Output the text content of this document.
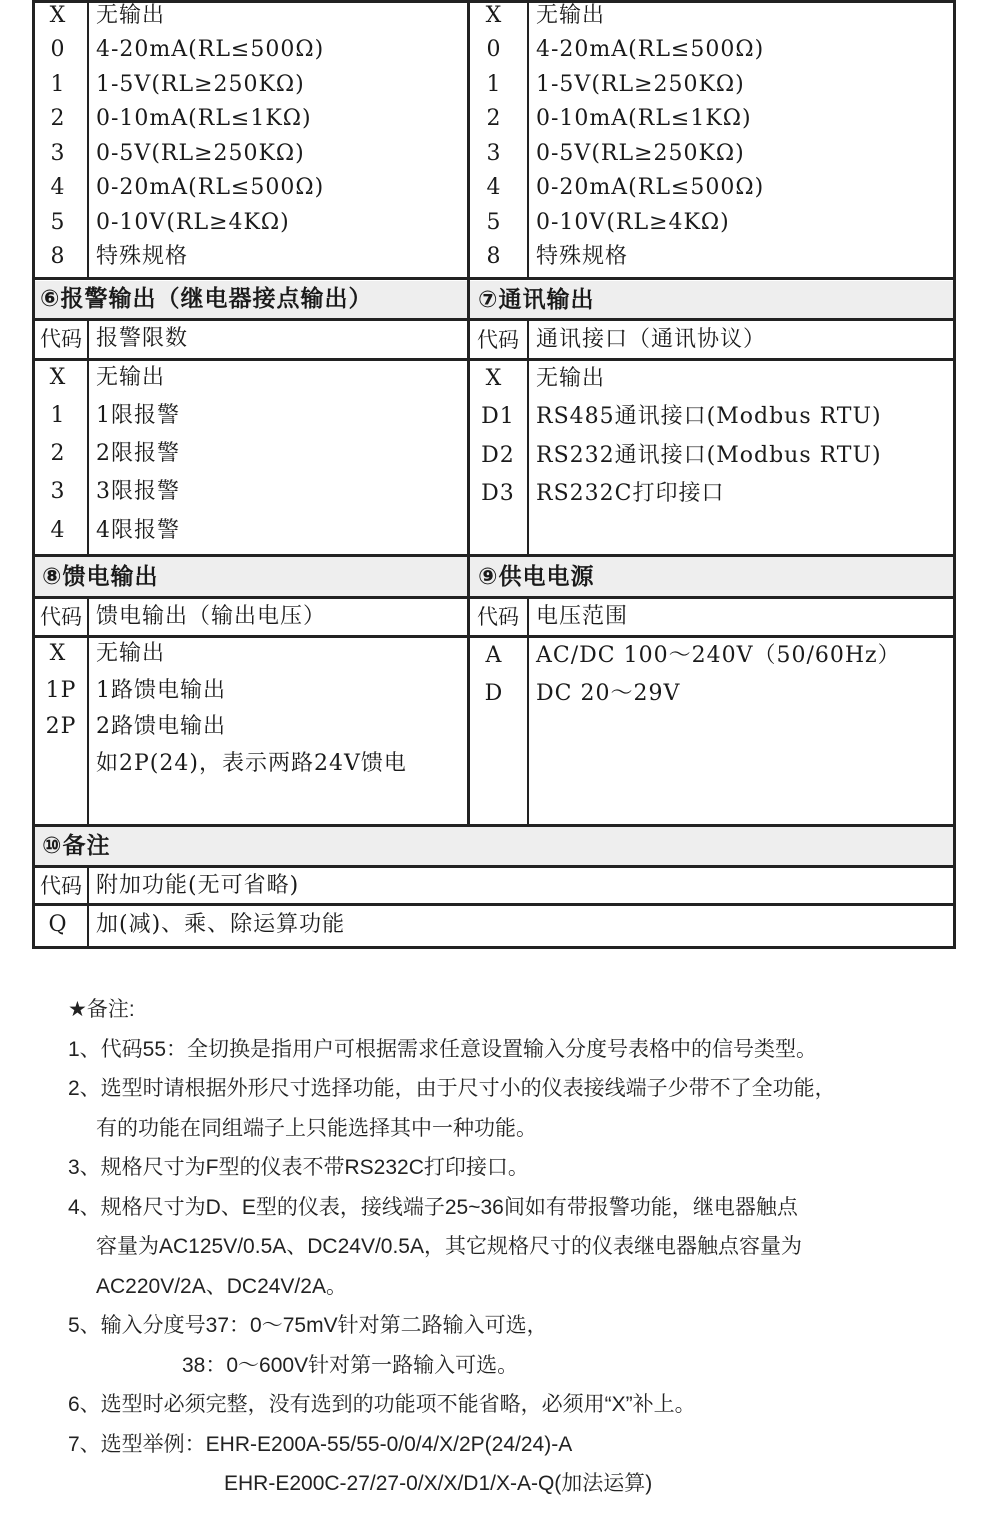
X	无输出
0	4-20mA(RL≤500Ω)
1	1-5V(RL≥250KΩ)
2	0-10mA(RL≤1KΩ)
3	0-5V(RL≥250KΩ)
4	0-20mA(RL≤500Ω)
5	0-10V(RL≥4KΩ)
8	特殊规格
X	无输出
0	4-20mA(RL≤500Ω)
1	1-5V(RL≥250KΩ)
2	0-10mA(RL≤1KΩ)
3	0-5V(RL≥250KΩ)
4	0-20mA(RL≤500Ω)
5	0-10V(RL≥4KΩ)
8	特殊规格
⑥报警输出（继电器接点输出）	⑦通讯输出
代码 报警限数	代码 通讯接口（通讯协议）
X	无输出
1	1限报警
2	2限报警
3	3限报警
4	4限报警
X	无输出
D1 RS485通讯接口(Modbus RTU)
D2 RS232通讯接口(Modbus RTU)
D3 RS232C打印接口
⑧馈电输出	⑨供电电源
代码 馈电输出（输出电压）	代码 电压范围
X	无输出
1P 1路馈电输出
2P 2路馈电输出
如2P(24)，表示两路24V馈电
A	AC/DC 100～240V（50/60Hz）
D	DC 20～29V
⑩备注
代码 附加功能(无可省略)
Q	加(减)、乘、除运算功能
★备注:
1、代码55：全切换是指用户可根据需求任意设置输入分度号表格中的信号类型。
2、选型时请根据外形尺寸选择功能，由于尺寸小的仪表接线端子少带不了全功能，
有的功能在同组端子上只能选择其中一种功能。
3、规格尺寸为F型的仪表不带RS232C打印接口。
4、规格尺寸为D、E型的仪表，接线端子25~36间如有带报警功能，继电器触点
容量为AC125V/0.5A、DC24V/0.5A，其它规格尺寸的仪表继电器触点容量为
AC220V/2A、DC24V/2A。
5、输入分度号37：0～75mV针对第二路输入可选，
38：0～600V针对第一路输入可选。
6、选型时必须完整，没有选到的功能项不能省略，必须用“X”补上。
7、选型举例：EHR-E200A-55/55-0/0/4/X/2P(24/24)-A
EHR-E200C-27/27-0/X/X/D1/X-A-Q(加法运算)
